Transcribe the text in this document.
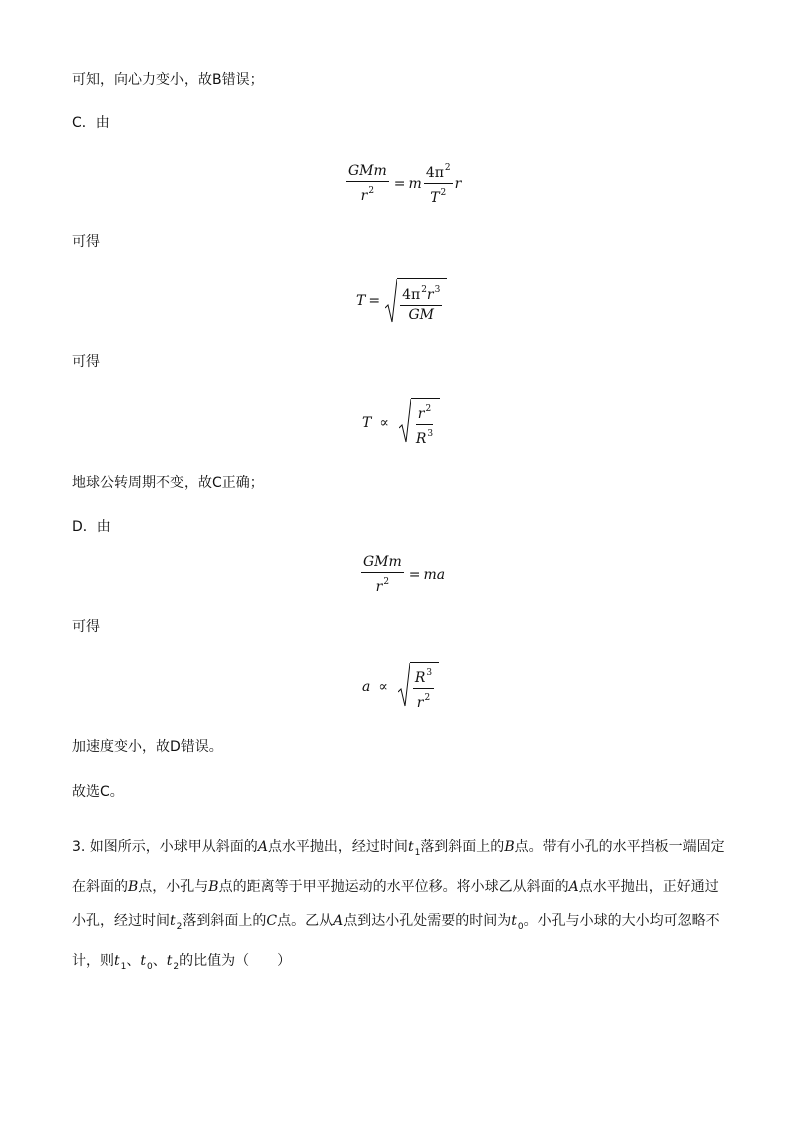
可知，向心力变小，故B错误；
C．由
$\frac{\text{GMm}}{r^2} = m \frac{4\pi^2}{T^2}$ r
可得
$T = \frac{4\pi^2r^3}{GM}$
可得
$T \propto \frac{r^2}{R^3}$
地球公转周期不变，故C正确；
D．由
$\frac{\text{GMm}}{r^2}$ = ma
可得
$a \propto \frac{R^3}{r^2}$
加速度变小，故D错误。
故选C。
3. 如图所示，小球甲从斜面的A点水平抛出，经过时间$t_1$落到斜面上的B点。带有小孔的水平挡板一端固定在斜面的B点，小孔与B点的距离等于甲平抛运动的水平位移。将小球乙从斜面的A点水平抛出，正好通过小孔，经过时间$t_2$落到斜面上的C点。乙从A点到达小孔处需要的时间为$t_0$。小孔与小球的大小均可忽略不计，则$t_1$、$t_0$、$t_2$的比值为（　　）
